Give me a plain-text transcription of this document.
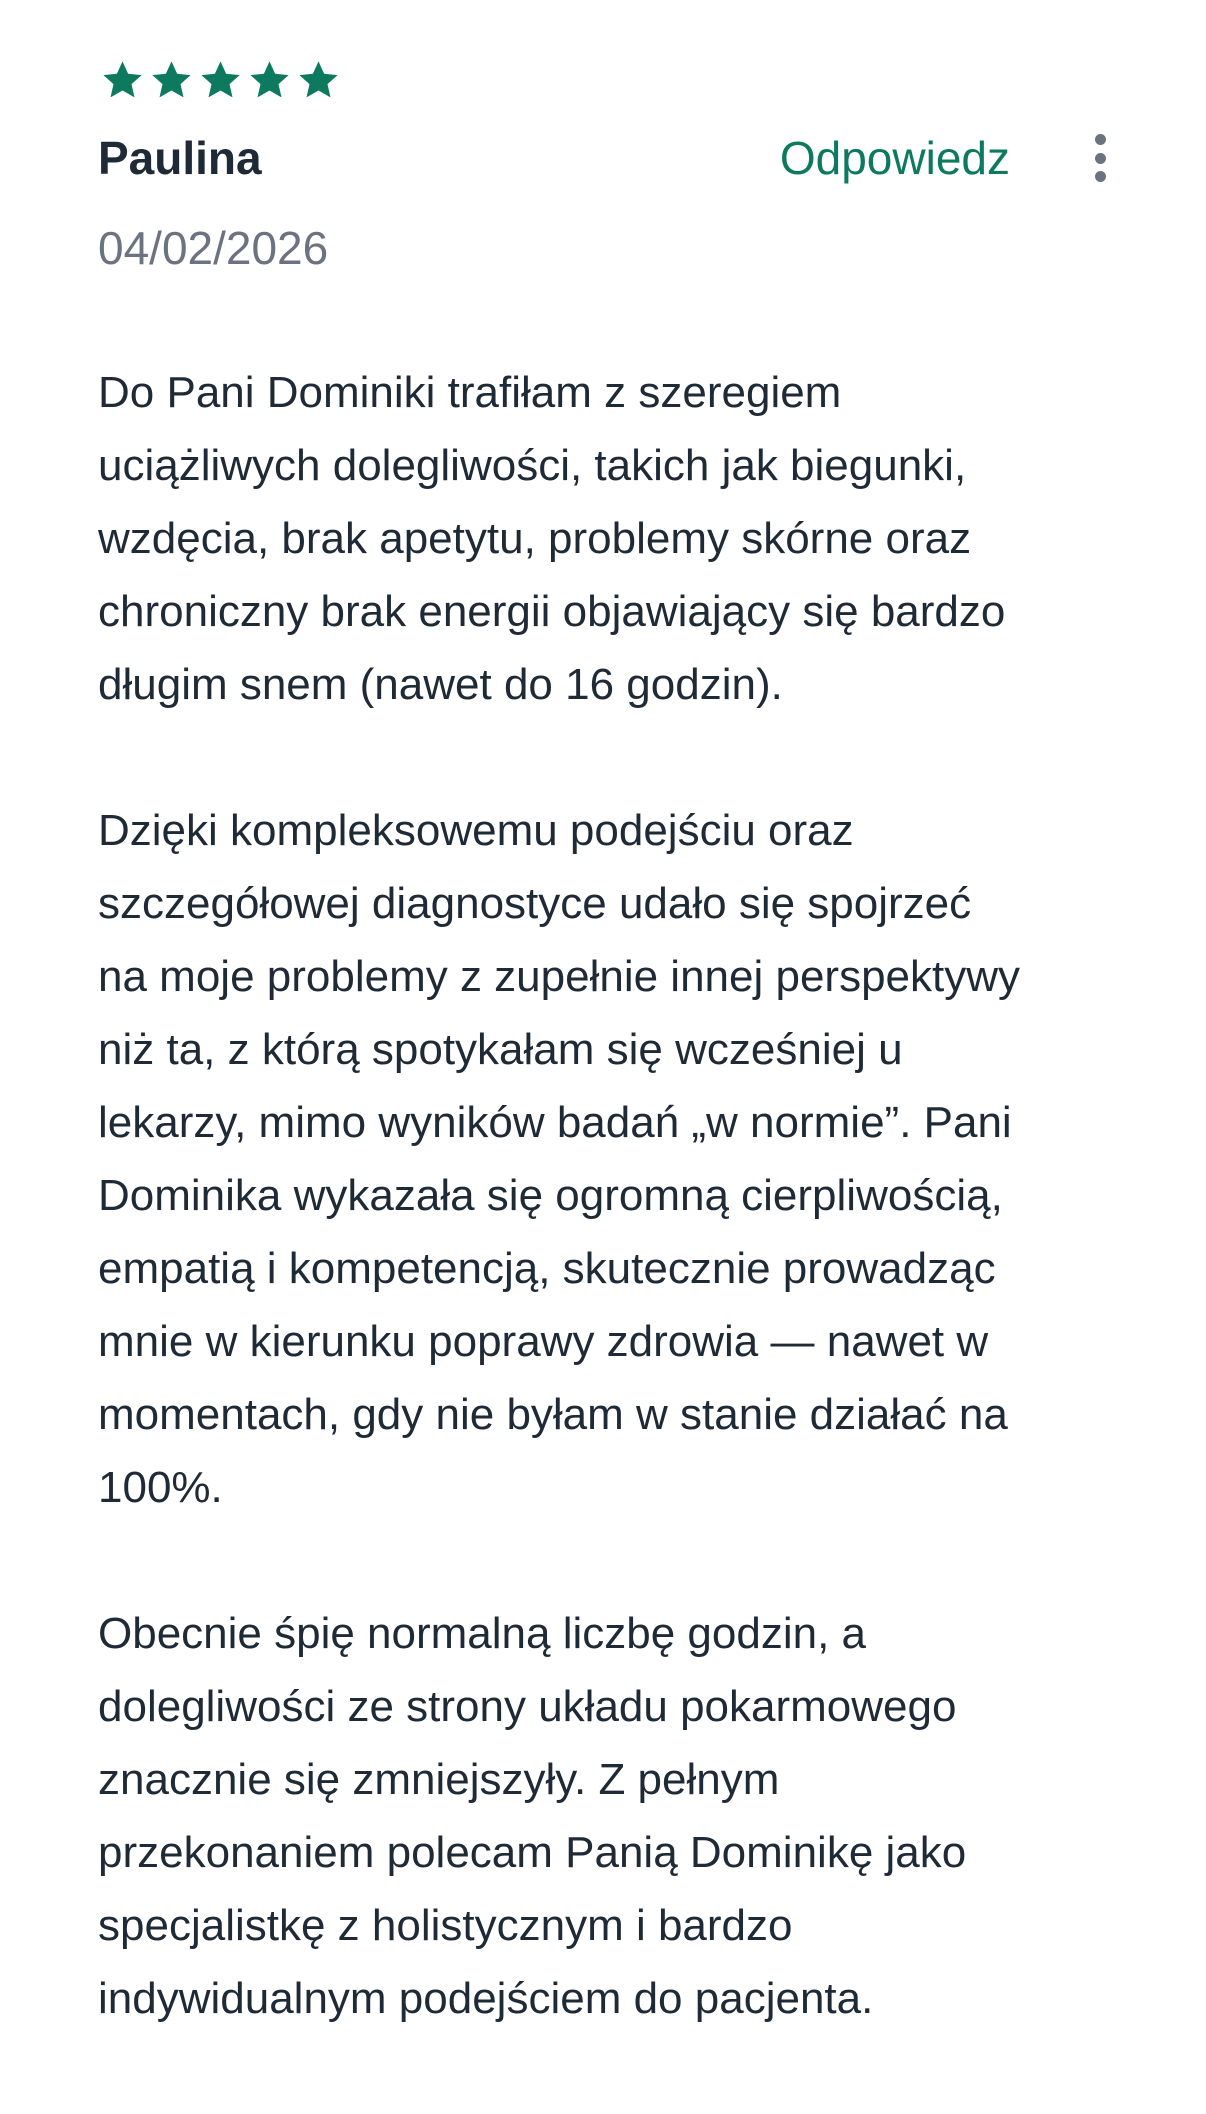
Paulina	Odpowiedz
04/02/2026

Do Pani Dominiki trafiłam z szeregiem
uciążliwych dolegliwości, takich jak biegunki,
wzdęcia, brak apetytu, problemy skórne oraz
chroniczny brak energii objawiający się bardzo
długim snem (nawet do 16 godzin).

Dzięki kompleksowemu podejściu oraz
szczegółowej diagnostyce udało się spojrzeć
na moje problemy z zupełnie innej perspektywy
niż ta, z którą spotykałam się wcześniej u
lekarzy, mimo wyników badań „w normie”. Pani
Dominika wykazała się ogromną cierpliwością,
empatią i kompetencją, skutecznie prowadząc
mnie w kierunku poprawy zdrowia — nawet w
momentach, gdy nie byłam w stanie działać na
100%.

Obecnie śpię normalną liczbę godzin, a
dolegliwości ze strony układu pokarmowego
znacznie się zmniejszyły. Z pełnym
przekonaniem polecam Panią Dominikę jako
specjalistkę z holistycznym i bardzo
indywidualnym podejściem do pacjenta.
